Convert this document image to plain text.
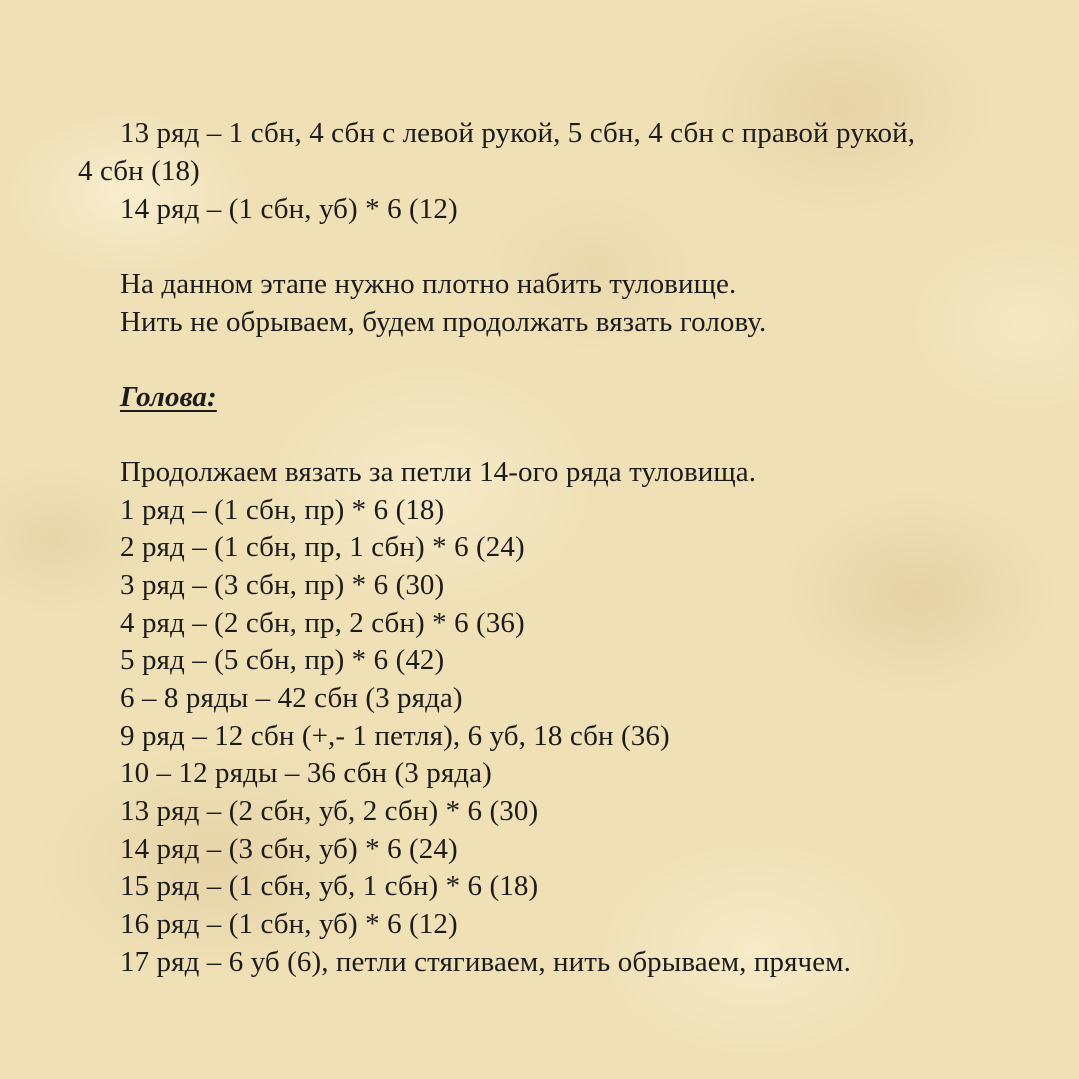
13 ряд – 1 сбн, 4 сбн с левой рукой, 5 сбн, 4 сбн с правой рукой,
4 сбн (18)
14 ряд – (1 сбн, уб) * 6 (12)
На данном этапе нужно плотно набить туловище.
Нить не обрываем, будем продолжать вязать голову.
Голова:
Продолжаем вязать за петли 14-ого ряда туловища.
1 ряд – (1 сбн, пр) * 6 (18)
2 ряд – (1 сбн, пр, 1 сбн) * 6 (24)
3 ряд – (3 сбн, пр) * 6 (30)
4 ряд – (2 сбн, пр, 2 сбн) * 6 (36)
5 ряд – (5 сбн, пр) * 6 (42)
6 – 8 ряды – 42 сбн (3 ряда)
9 ряд – 12 сбн (+,- 1 петля), 6 уб, 18 сбн (36)
10 – 12 ряды – 36 сбн (3 ряда)
13 ряд – (2 сбн, уб, 2 сбн) * 6 (30)
14 ряд – (3 сбн, уб) * 6 (24)
15 ряд – (1 сбн, уб, 1 сбн) * 6 (18)
16 ряд – (1 сбн, уб) * 6 (12)
17 ряд – 6 уб (6), петли стягиваем, нить обрываем, прячем.
